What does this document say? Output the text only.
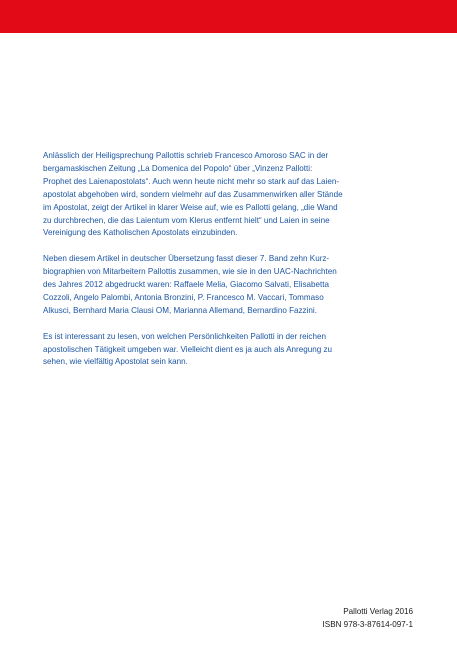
Anlässlich der Heiligsprechung Pallottis schrieb Francesco Amoroso SAC in der
bergamaskischen Zeitung „La Domenica del Popolo“ über „Vinzenz Pallotti:
Prophet des Laienapostolats“. Auch wenn heute nicht mehr so stark auf das Laien-
apostolat abgehoben wird, sondern vielmehr auf das Zusammenwirken aller Stände
im Apostolat, zeigt der Artikel in klarer Weise auf, wie es Pallotti gelang, „die Wand
zu durchbrechen, die das Laientum vom Klerus entfernt hielt“ und Laien in seine
Vereinigung des Katholischen Apostolats einzubinden.

Neben diesem Artikel in deutscher Übersetzung fasst dieser 7. Band zehn Kurz-
biographien von Mitarbeitern Pallottis zusammen, wie sie in den UAC-Nachrichten
des Jahres 2012 abgedruckt waren: Raffaele Melia, Giacomo Salvati, Elisabetta
Cozzoli, Angelo Palombi, Antonia Bronzini, P. Francesco M. Vaccari, Tommaso
Alkusci, Bernhard Maria Clausi OM, Marianna Allemand, Bernardino Fazzini.

Es ist interessant zu lesen, von welchen Persönlichkeiten Pallotti in der reichen
apostolischen Tätigkeit umgeben war. Vielleicht dient es ja auch als Anregung zu
sehen, wie vielfältig Apostolat sein kann.

Pallotti Verlag 2016
ISBN 978-3-87614-097-1
